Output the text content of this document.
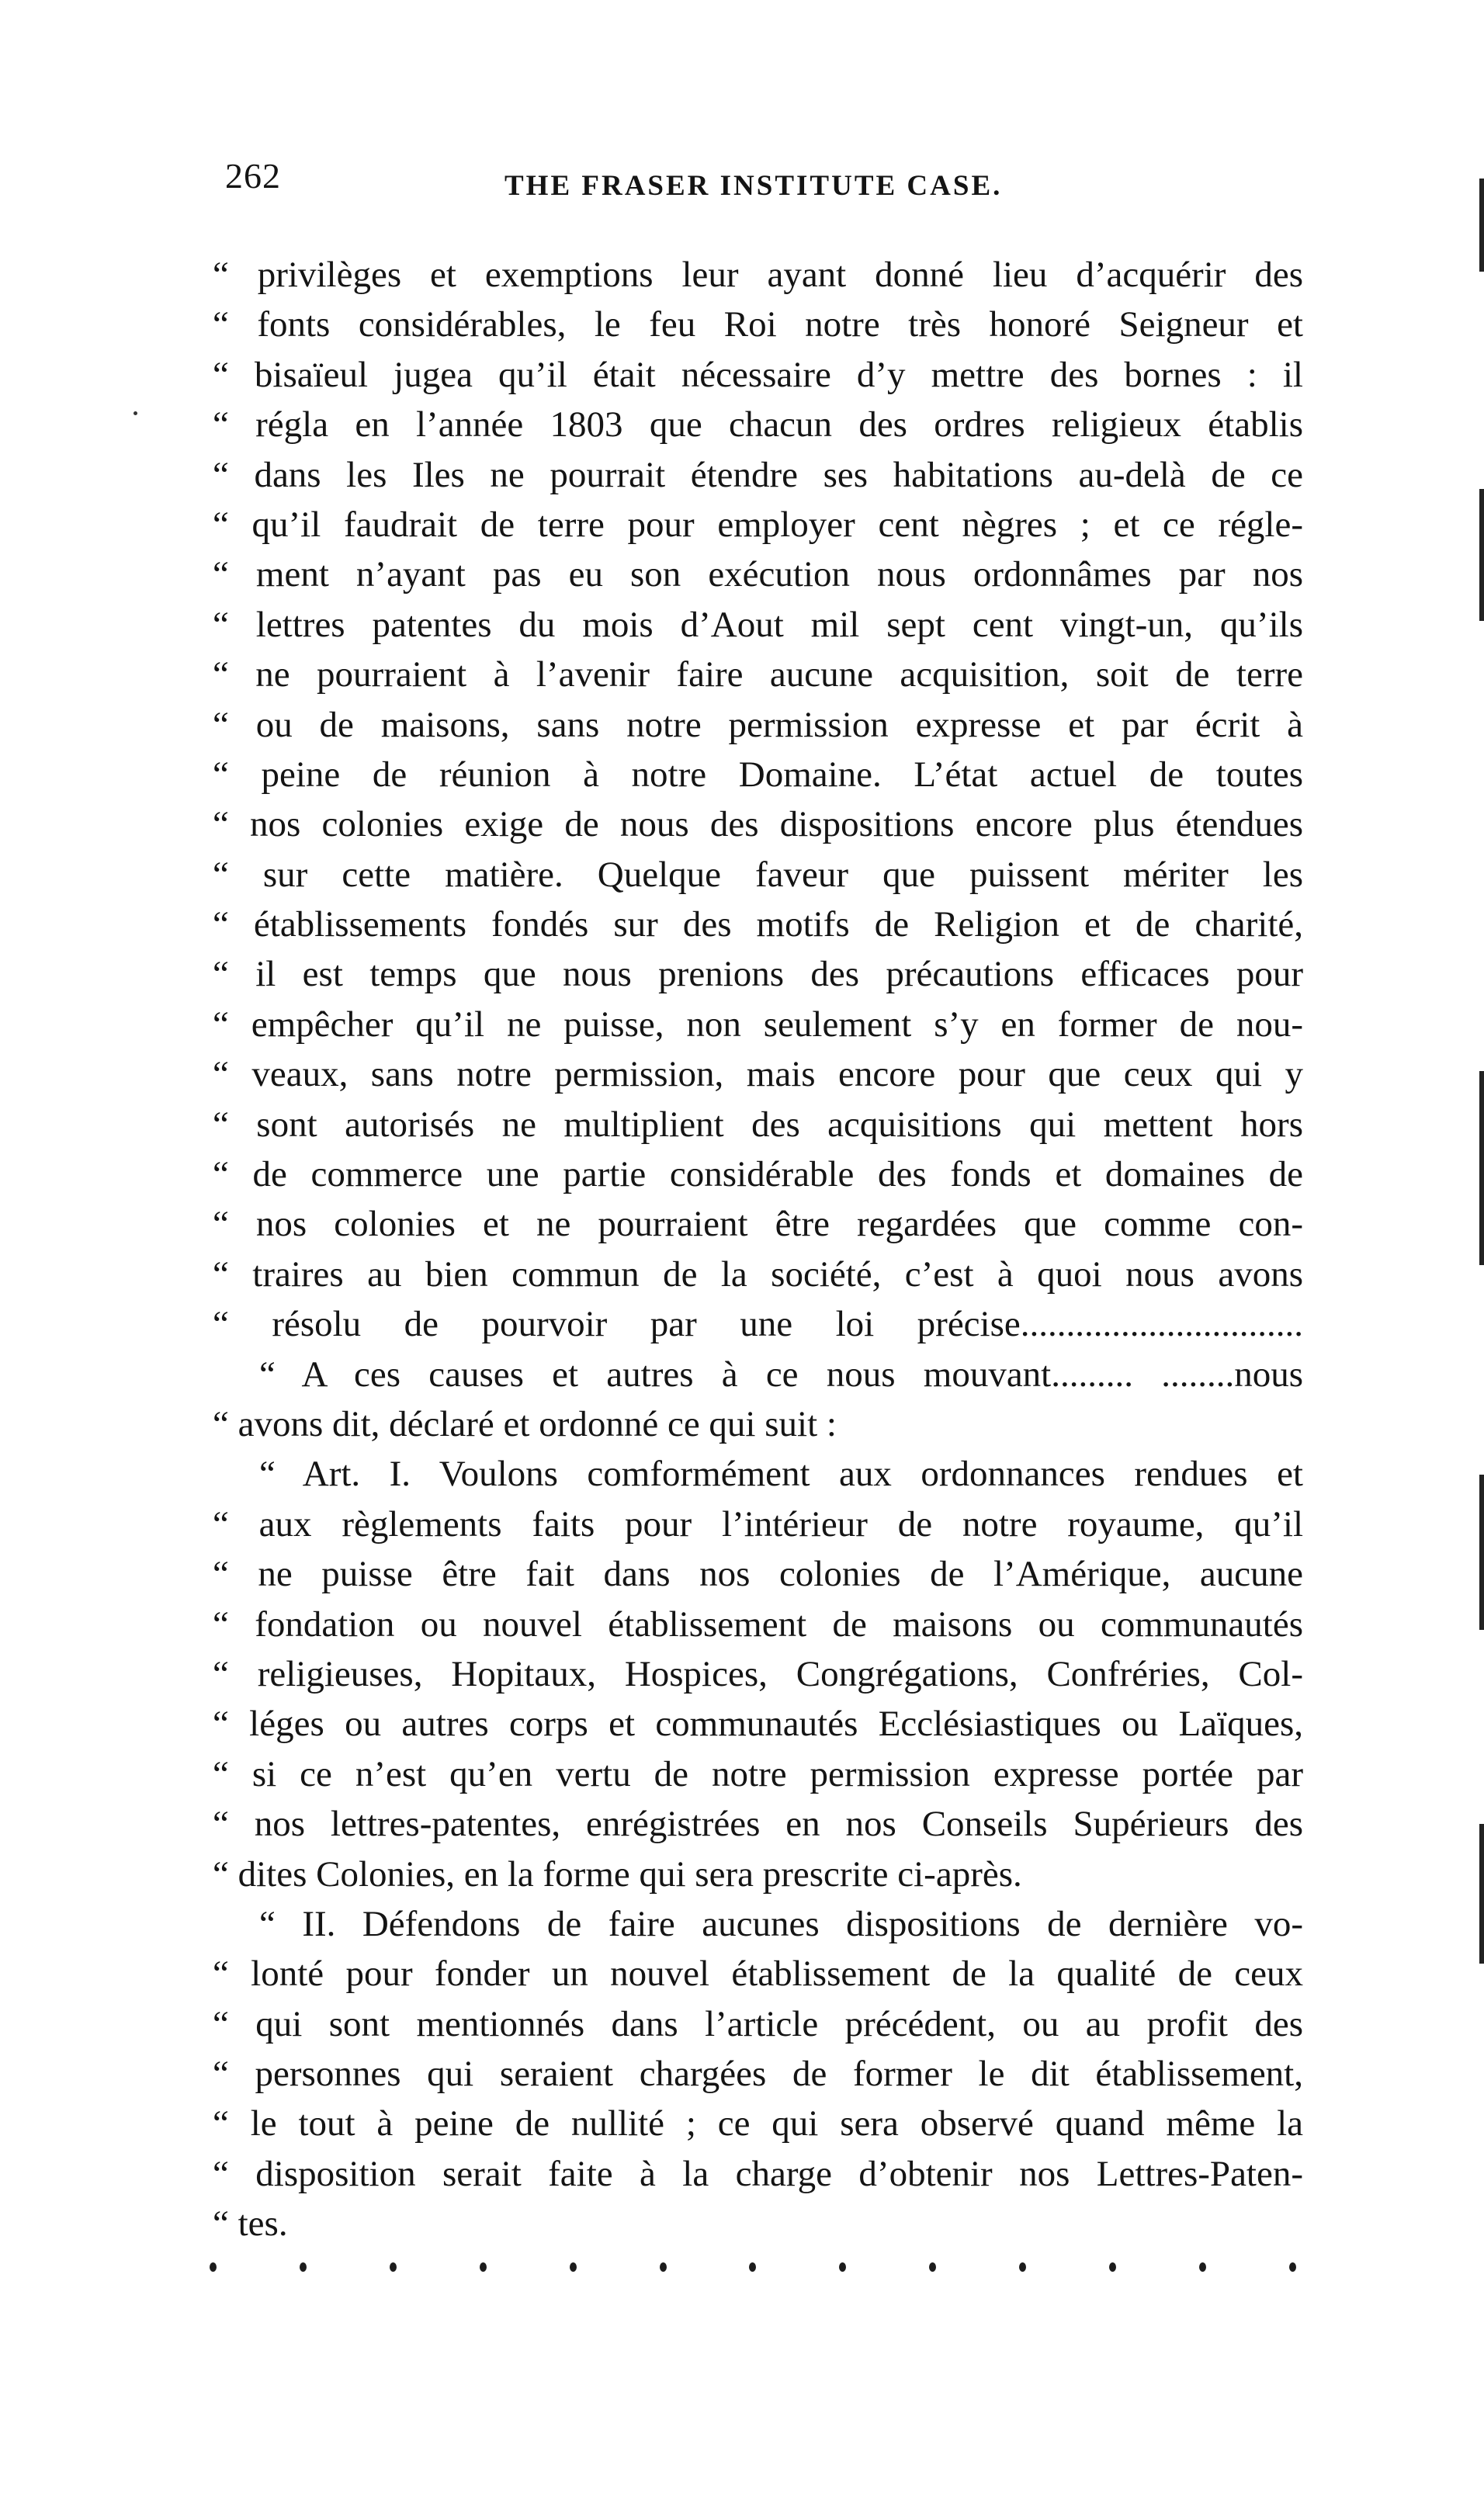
262	THE FRASER INSTITUTE CASE.
“ privilèges et exemptions leur ayant donné lieu d’acquérir des
“ fonts considérables, le feu Roi notre très honoré Seigneur et
“ bisaïeul jugea qu’il était nécessaire d’y mettre des bornes : il
“ régla en l’année 1803 que chacun des ordres religieux établis
“ dans les Iles ne pourrait étendre ses habitations au-delà de ce
“ qu’il faudrait de terre pour employer cent nègres ; et ce régle-
“ ment n’ayant pas eu son exécution nous ordonnâmes par nos
“ lettres patentes du mois d’Aout mil sept cent vingt-un, qu’ils
“ ne pourraient à l’avenir faire aucune acquisition, soit de terre
“ ou de maisons, sans notre permission expresse et par écrit à
“ peine de réunion à notre Domaine. L’état actuel de toutes
“ nos colonies exige de nous des dispositions encore plus étendues
“ sur cette matière. Quelque faveur que puissent mériter les
“ établissements fondés sur des motifs de Religion et de charité,
“ il est temps que nous prenions des précautions efficaces pour
“ empêcher qu’il ne puisse, non seulement s’y en former de nou-
“ veaux, sans notre permission, mais encore pour que ceux qui y
“ sont autorisés ne multiplient des acquisitions qui mettent hors
“ de commerce une partie considérable des fonds et domaines de
“ nos colonies et ne pourraient être regardées que comme con-
“ traires au bien commun de la société, c’est à quoi nous avons
“ résolu de pourvoir par une loi précise...............................
“ A ces causes et autres à ce nous mouvant......... ........nous
“ avons dit, déclaré et ordonné ce qui suit :
“ Art. I. Voulons comformément aux ordonnances rendues et
“ aux règlements faits pour l’intérieur de notre royaume, qu’il
“ ne puisse être fait dans nos colonies de l’Amérique, aucune
“ fondation ou nouvel établissement de maisons ou communautés
“ religieuses, Hopitaux, Hospices, Congrégations, Confréries, Col-
“ léges ou autres corps et communautés Ecclésiastiques ou Laïques,
“ si ce n’est qu’en vertu de notre permission expresse portée par
“ nos lettres-patentes, enrégistrées en nos Conseils Supérieurs des
“ dites Colonies, en la forme qui sera prescrite ci-après.
“ II. Défendons de faire aucunes dispositions de dernière vo-
“ lonté pour fonder un nouvel établissement de la qualité de ceux
“ qui sont mentionnés dans l’article précédent, ou au profit des
“ personnes qui seraient chargées de former le dit établissement,
“ le tout à peine de nullité ; ce qui sera observé quand même la
“ disposition serait faite à la charge d’obtenir nos Lettres-Paten-
“ tes.
